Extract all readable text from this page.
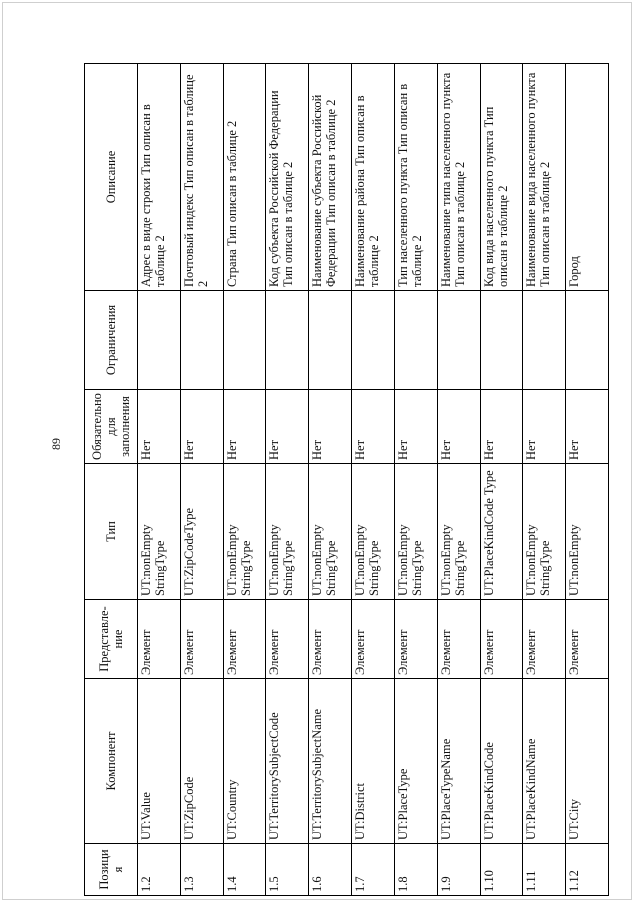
89
Позиция	Компонент	Представле-ние	Тип	Обязательно для заполнения	Ограничения	Описание
1.2	UT:Value	Элемент	UT:nonEmpty StringType	Нет		Адрес в виде строки Тип описан в таблице 2
1.3	UT:ZipCode	Элемент	UT:ZipCodeType	Нет		Почтовый индекс Тип описан в таблице 2
1.4	UT:Country	Элемент	UT:nonEmpty StringType	Нет		Страна Тип описан в таблице 2
1.5	UT:TerritorySubjectCode	Элемент	UT:nonEmpty StringType	Нет		Код субъекта Российской Федерации Тип описан в таблице 2
1.6	UT:TerritorySubjectName	Элемент	UT:nonEmpty StringType	Нет		Наименование субъекта Российской Федерации Тип описан в таблице 2
1.7	UT:District	Элемент	UT:nonEmpty StringType	Нет		Наименование района Тип описан в таблице 2
1.8	UT:PlaceType	Элемент	UT:nonEmpty StringType	Нет		Тип населенного пункта Тип описан в таблице 2
1.9	UT:PlaceTypeName	Элемент	UT:nonEmpty StringType	Нет		Наименование типа населенного пункта Тип описан в таблице 2
1.10	UT:PlaceKindCode	Элемент	UT:PlaceKindCode Type	Нет		Код вида населенного пункта Тип описан в таблице 2
1.11	UT:PlaceKindName	Элемент	UT:nonEmpty StringType	Нет		Наименование вида населенного пункта Тип описан в таблице 2
1.12	UT:City	Элемент	UT:nonEmpty	Нет		Город
